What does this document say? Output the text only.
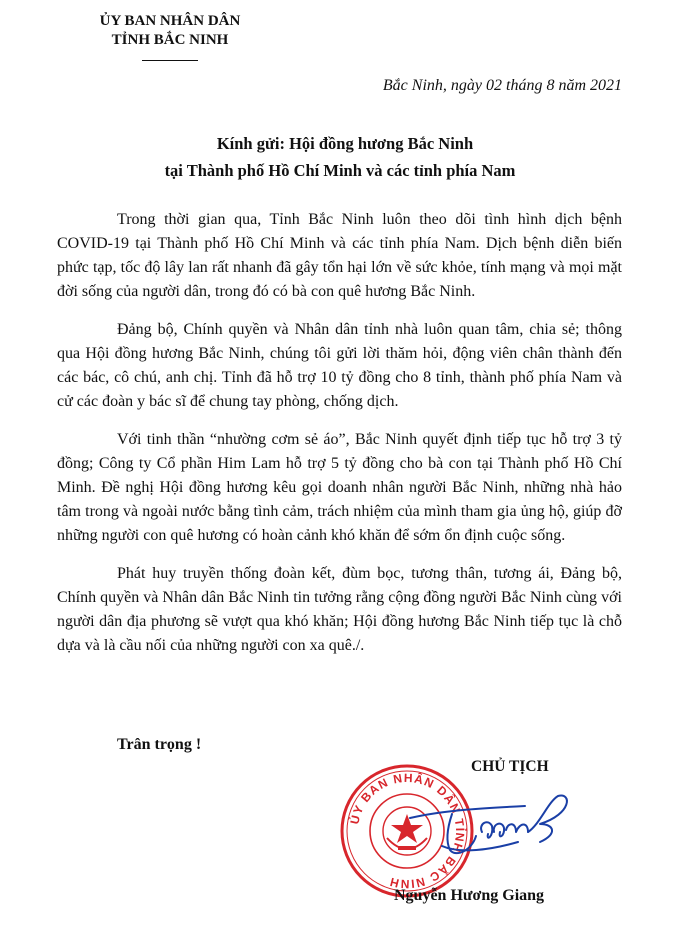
ỦY BAN NHÂN DÂN
TỈNH BẮC NINH
Bắc Ninh, ngày 02 tháng 8 năm 2021
Kính gửi: Hội đồng hương Bắc Ninh
tại Thành phố Hồ Chí Minh và các tỉnh phía Nam

Trong thời gian qua, Tỉnh Bắc Ninh luôn theo dõi tình hình dịch bệnh COVID-19 tại Thành phố Hồ Chí Minh và các tỉnh phía Nam. Dịch bệnh diễn biến phức tạp, tốc độ lây lan rất nhanh đã gây tổn hại lớn về sức khỏe, tính mạng và mọi mặt đời sống của người dân, trong đó có bà con quê hương Bắc Ninh.

Đảng bộ, Chính quyền và Nhân dân tỉnh nhà luôn quan tâm, chia sẻ; thông qua Hội đồng hương Bắc Ninh, chúng tôi gửi lời thăm hỏi, động viên chân thành đến các bác, cô chú, anh chị. Tỉnh đã hỗ trợ 10 tỷ đồng cho 8 tỉnh, thành phố phía Nam và cử các đoàn y bác sĩ để chung tay phòng, chống dịch.

Với tinh thần “nhường cơm sẻ áo”, Bắc Ninh quyết định tiếp tục hỗ trợ 3 tỷ đồng; Công ty Cổ phần Him Lam hỗ trợ 5 tỷ đồng cho bà con tại Thành phố Hồ Chí Minh. Đề nghị Hội đồng hương kêu gọi doanh nhân người Bắc Ninh, những nhà hảo tâm trong và ngoài nước bằng tình cảm, trách nhiệm của mình tham gia ủng hộ, giúp đỡ những người con quê hương có hoàn cảnh khó khăn để sớm ổn định cuộc sống.

Phát huy truyền thống đoàn kết, đùm bọc, tương thân, tương ái, Đảng bộ, Chính quyền và Nhân dân Bắc Ninh tin tưởng rằng cộng đồng người Bắc Ninh cùng với người dân địa phương sẽ vượt qua khó khăn; Hội đồng hương Bắc Ninh tiếp tục là chỗ dựa và là cầu nối của những người con xa quê./.

Trân trọng !
ỦY BAN NHÂN DÂN TỈNH BẮC NINH
CHỦ TỊCH
Nguyễn Hương Giang
